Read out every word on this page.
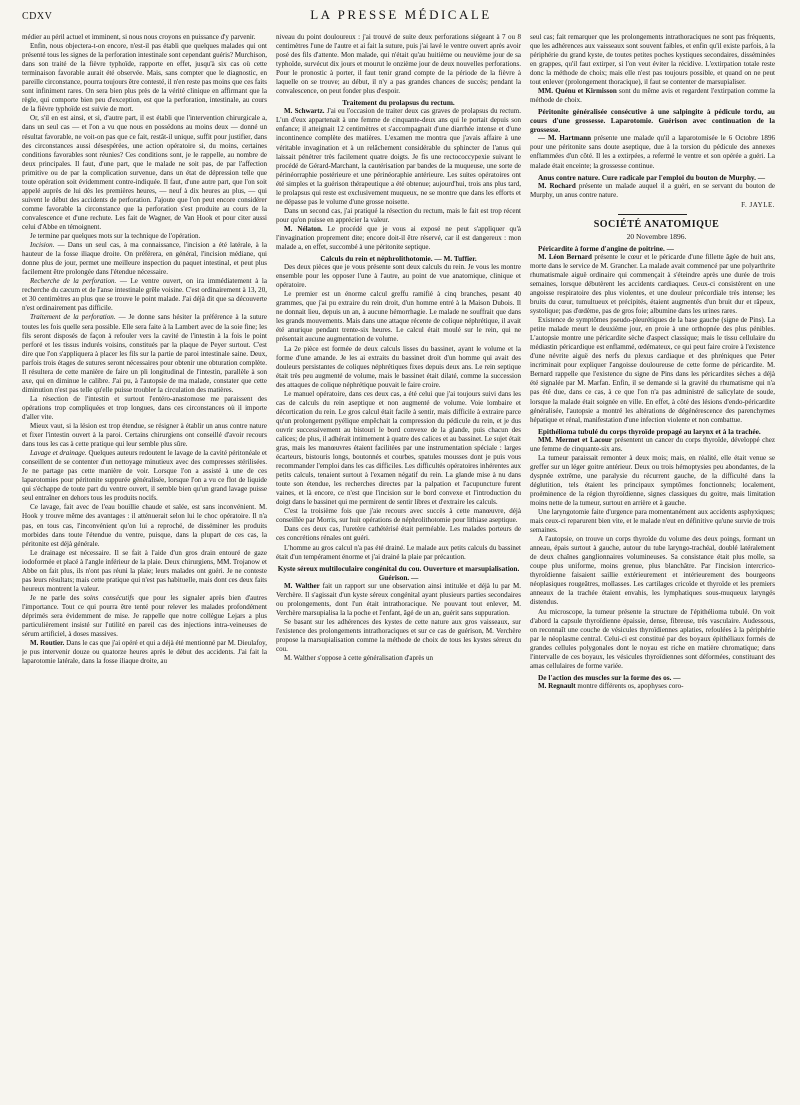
CDXV	LA PRESSE MÉDICALE

médier au péril actuel et imminent, si nous nous croyons en puissance d'y parvenir.

Enfin, nous objectera-t-on encore, n'est-il pas établi que quelques malades qui ont présenté tous les signes de la perforation intestinale sont cependant guéris? Murchison, dans son traité de la fièvre typhoïde, rapporte en effet, jusqu'à six cas où cette terminaison favorable aurait été observée. Mais, sans compter que le diagnostic, en pareille circonstance, pourra toujours être contesté, il n'en reste pas moins que ces faits sont infiniment rares. On sera bien plus près de la vérité clinique en affirmant que la règle, qui comporte bien peu d'exception, est que la perforation, intestinale, au cours de la fièvre typhoïde est suivie de mort.

Or, s'il en est ainsi, et si, d'autre part, il est établi que l'intervention chirurgicale a, dans un seul cas — et l'on a vu que nous en possédons au moins deux — donné un résultat favorable, ne voit-on pas que ce fait, restât-il unique, suffit pour justifier, dans des circonstances aussi désespérées, une action opératoire si, du moins, certaines conditions favorables sont réunies? Ces conditions sont, je le rappelle, au nombre de deux principales. Il faut, d'une part, que le malade ne soit pas, de par l'affection primitive ou de par la complication survenue, dans un état de dépression telle que toute opération soit évidemment contre-indiquée. Il faut, d'une autre part, que l'on soit appelé auprès de lui dès les premières heures, — neuf à dix heures au plus, — qui suivent le début des accidents de perforation. J'ajoute que l'on peut encore considérer comme favorable la circonstance que la perforation s'est produite au cours de la convalescence et d'une rechute. Les fait de Wagner, de Van Hook et pour citer aussi celui d'Abbe en témoignent.

Je termine par quelques mots sur la technique de l'opération.

Incision. — Dans un seul cas, à ma connaissance, l'incision a été latérale, à la hauteur de la fosse iliaque droite. On préférera, en général, l'incision médiane, qui donne plus de jour, permet une meilleure inspection du paquet intestinal, et peut plus facilement être prolongée dans l'étendue nécessaire.

Recherche de la perforation. — Le ventre ouvert, on ira immédiatement à la recherche du cæcum et de l'anse intestinale grêle voisine. C'est ordinairement à 13, 20, et 30 centimètres au plus que se trouve le point malade. J'ai déjà dit que sa découverte n'est ordinairement pas difficile.

Traitement de la perforation. — Je donne sans hésiter la préférence à la suture toutes les fois quelle sera possible. Elle sera faite à la Lambert avec de la soie fine; les fils seront disposés de façon à refouler vers la cavité de l'intestin à la fois le point perforé et les tissus indurés voisins, constitués par la plaque de Peyer surtout. C'est dire que l'on s'appliquera à placer les fils sur la partie de paroi intestinale saine. Deux, parfois trois étages de sutures seront nécessaires pour obtenir une obturation complète. Il résultera de cette manière de faire un pli longitudinal de l'intestin, parallèle à son axe, qui en diminue le calibre. J'ai pu, à l'autopsie de ma malade, constater que cette diminution n'est pas telle qu'elle puisse troubler la circulation des matières.

La résection de l'intestin et surtout l'entéro-anastomose me paraissent des opérations trop compliquées et trop longues, dans ces circonstances où il importe d'aller vite.

Mieux vaut, si la lésion est trop étendue, se résigner à établir un anus contre nature et fixer l'intestin ouvert à la paroi. Certains chirurgiens ont conseillé d'avoir recours dans tous les cas à cette pratique qui leur semble plus sûre.

Lavage et drainage. Quelques auteurs redoutent le lavage de la cavité péritonéale et conseillent de se contenter d'un nettoyage minutieux avec des compresses stérilisées. Je ne partage pas cette manière de voir. Lorsque l'on a assisté à une de ces laparotomies pour péritonite suppurée généralisée, lorsque l'on a vu ce flot de liquide qui s'échappe de toute part du ventre ouvert, il semble bien qu'un grand lavage puisse seul entraîner en dehors tous les produits nocifs.

Ce lavage, fait avec de l'eau bouillie chaude et salée, est sans inconvénient. M. Hook y trouve même des avantages : il atténuerait selon lui le choc opératoire. Il n'a pas, en tous cas, l'inconvénient qu'on lui a reproché, de disséminer les produits morbides dans toute l'étendue du ventre, puisque, dans la plupart de ces cas, la péritonite est déjà générale.

Le drainage est nécessaire. Il se fait à l'aide d'un gros drain entouré de gaze iodoformée et placé à l'angle inférieur de la plaie. Deux chirurgiens, MM. Trojanow et Abbe on fait plus, ils n'ont pas réuni la plaie; leurs malades ont guéri. Je ne conteste pas leurs résultats; mais cette pratique qui n'est pas habituelle, mais dont ces deux faits heureux montrent la valeur.

Je ne parle des soins consécutifs que pour les signaler après bien d'autres l'importance. Tout ce qui pourra être tenté pour relever les malades profondément déprimés sera évidemment de mise. Je rappelle que notre collègue Lejars a plus particulièrement insisté sur l'utilité en pareil cas des injections intra-veineuses de sérum artificiel, à doses massives.

M. Routier. Dans le cas que j'ai opéré et qui a déjà été mentionné par M. Dieulafoy, je pus intervenir douze ou quatorze heures après le début des accidents. J'ai fait la laparotomie latérale, dans la fosse iliaque droite, au

niveau du point douloureux : j'ai trouvé de suite deux perforations siégeant à 7 ou 8 centimètres l'une de l'autre et ai fait la suture, puis j'ai lavé le ventre ouvert après avoir posé des fils d'attente. Mon malade, qui n'était qu'au huitième ou neuvième jour de sa typhoïde, survécut dix jours et mourut le onzième jour de deux nouvelles perforations. Pour le pronostic à porter, il faut tenir grand compte de la période de la fièvre à laquelle on se trouve; au début, il n'y a pas grandes chances de succès; pendant la convalescence, on peut fonder plus d'espoir.

Traitement du prolapsus du rectum.

M. Schwartz. J'ai eu l'occasion de traiter deux cas graves de prolapsus du rectum. L'un d'eux appartenait à une femme de cinquante-deux ans qui le portait depuis son enfance; il atteignait 12 centimètres et s'accompagnait d'une diarrhée intense et d'une incontinence complète des matières. L'examen me montra que j'avais affaire à une véritable invagination et à un relâchement considérable du sphincter de l'anus qui laissait pénétrer très facilement quatre doigts. Je fis une rectococcypexie suivant le procédé de Gérard-Marchant, la cautérisation par bandes de la muqueuse, une sorte de périnéorraphie postérieure et une périnéoraphie antérieure. Les suites opératoires ont été simples et la guérison thérapeutique a été obtenue; aujourd'hui, trois ans plus tard, le prolapsus qui reste est exclusivement muqueux, ne se montre que dans les efforts et ne dépasse pas le volume d'une grosse noisette.

Dans un second cas, j'ai pratiqué la résection du rectum, mais le fait est trop récent pour qu'on puisse en apprécier la valeur.

M. Nélaton. Le procédé que je vous ai exposé ne peut s'appliquer qu'à l'invagination proprement dite; encore doit-il être réservé, car il est dangereux : mon malade a, en effet, succombé à une péritonite septique.

Calculs du rein et néphrolithotomie. — M. Tuffier.

Des deux pièces que je vous présente sont deux calculs du rein. Je vous les montre ensemble pour les opposer l'une à l'autre, au point de vue anatomique, clinique et opératoire.

Le premier est un énorme calcul greffu ramifié à cinq branches, pesant 40 grammes, que j'ai pu extraire du rein droit, d'un homme entré à la Maison Dubois. Il ne donnait lieu, depuis un an, à aucune hémorrhagie. Le malade ne souffrait que dans les grands mouvements. Mais dans une attaque récente de colique néphrétique, il avait été anurique pendant trente-six heures. Le calcul était moulé sur le rein, qui ne présentait aucune augmentation de volume.

La 2e pièce est formée de deux calculs lisses du bassinet, ayant le volume et la forme d'une amande. Je les ai extraits du bassinet droit d'un homme qui avait des douleurs persistantes de coliques néphrétiques fixes depuis deux ans. Le rein septique était très peu augmenté de volume, mais le bassinet était dilaté, comme la succession des attaques de colique néphrétique pouvait le faire croire.

Le manuel opératoire, dans ces deux cas, a été celui que j'ai toujours suivi dans les cas de calculs du rein aseptique et non augmenté de volume. Voie lombaire et décortication du rein. Le gros calcul était facile à sentir, mais difficile à extraire parce qu'un prolongement pyélique empêchait la compression du pédicule du rein, et je dus ouvrir successivement au bistouri le bord convexe de la glande, puis chacun des calices; de plus, il adhérait intimement à quatre des calices et au bassinet. Le sujet était gras, mais les manœuvres étaient facilitées par une instrumentation spéciale : larges écarteurs, bistouris longs, boutonnés et courbes, spatules mousses dont je puis vous recommander l'emploi dans les cas difficiles. Les difficultés opératoires inhérentes aux petits calculs, tenaient surtout à l'examen négatif du rein. La glande mise à nu dans toute son étendue, les recherches directes par la palpation et l'acupuncture furent vaines, et là encore, ce n'est que l'incision sur le bord convexe et l'introduction du doigt dans le bassinet qui me permirent de sentir libres et d'extraire les calculs.

C'est la troisième fois que j'aie recours avec succès à cette manœuvre, déjà conseillée par Morris, sur huit opérations de néphrolithotomie pour lithiase aseptique.

Dans ces deux cas, l'uretère cathétérisé était perméable. Les malades porteurs de ces concrétions rénales ont guéri.

L'homme au gros calcul n'a pas été drainé. Le malade aux petits calculs du bassinet était d'un tempérament énorme et j'ai drainé la plaie par précaution.

Kyste séreux multiloculaire congénital du cou. Ouverture et marsupialisation. Guérison. —

M. Walther fait un rapport sur une observation ainsi intitulée et déjà lu par M. Verchère. Il s'agissait d'un kyste séreux congénital ayant plusieurs parties secondaires ou prolongements, dont l'un était intrathoracique. Ne pouvant tout enlever, M. Verchère marsupialisa la la poche et l'enfant, âgé de un an, guérit sans suppuration.

Se basant sur les adhérences des kystes de cette nature aux gros vaisseaux, sur l'existence des prolongements intrathoraciques et sur ce cas de guérison, M. Verchère propose la marsupialisation comme la méthode de choix de tous les kystes séreux du cou.

M. Walther s'oppose à cette généralisation d'après un

seul cas; fait remarquer que les prolongements intrathoraciques ne sont pas fréquents, que les adhérences aux vaisseaux sont souvent faibles, et enfin qu'il existe parfois, à la périphérie du grand kyste, de toutes petites poches kystiques secondaires, disséminées en grappes, qu'il faut extirper, si l'on veut éviter la récidive. L'extirpation totale reste donc la méthode de choix; mais elle n'est pas toujours possible, et quand on ne peut tout enlever (prolongement thoracique), il faut se contenter de marsupialiser.

MM. Quénu et Kirmisson sont du même avis et regardent l'extirpation comme la méthode de choix.

Péritonite généralisée consécutive à une salpingite à pédicule tordu, au cours d'une grossesse. Laparotomie. Guérison avec continuation de la grossesse.

— M. Hartmann présente une malade qu'il a laparotomisée le 6 Octobre 1896 pour une péritonite sans doute aseptique, due à la torsion du pédicule des annexes enflammées d'un côté. Il les a extirpées, a refermé le ventre et son opérée a guéri. La malade était enceinte; la grossesse continue.

Anus contre nature. Cure radicale par l'emploi du bouton de Murphy. —

M. Rochard présente un malade auquel il a guéri, en se servant du bouton de Murphy, un anus contre nature.

F. JAYLE.

SOCIÉTÉ ANATOMIQUE

20 Novembre 1896.

Péricardite à forme d'angine de poitrine. —

M. Léon Bernard présente le cœur et le péricarde d'une fillette âgée de huit ans, morte dans le service de M. Grancher. La malade avait commencé par une polyarthrite rhumatismale aiguë ordinaire qui commençait à s'éteindre après une durée de trois semaines, lorsque débutèrent les accidents cardiaques. Ceux-ci consistèrent en une angoisse respiratoire des plus violentes, et une douleur précordiale très intense; les bruits du cœur, tumultueux et précipités, étaient augmentés d'un bruit dur et râpeux, systolique; pas d'œdème, pas de gros foie; albumine dans les urines rares.

Existence de symptômes pseudo-pleurétiques de la base gauche (signe de Pins). La petite malade meurt le deuxième jour, en proie à une orthopnée des plus pénibles. L'autopsie montre une péricardite sèche d'aspect classique; mais le tissu cellulaire du médiastin péricardique est enflammé, œdémateux, ce qui peut faire croire à l'existence d'une névrite aiguë des nerfs du plexus cardiaque et des phréniques que Peter incriminait pour expliquer l'angoisse douloureuse de cette forme de péricardite. M. Bernard rappelle que l'existence du signe de Pins dans les péricardites sèches a déjà été signalée par M. Marfan. Enfin, il se demande si la gravité du rhumatisme qui n'a pas été due, dans ce cas, à ce que l'on n'a pas administré de salicylate de soude, lorsque la malade était soignée en ville. En effet, à côté des lésions d'endo-péricardite généralisée, l'autopsie a montré les altérations de dégénérescence des parenchymes hépatique et rénal, manifestation d'une infection violente et non combattue.

Epithélioma tubulé du corps thyroïde propagé au larynx et à la trachée.

MM. Mermet et Lacour présentent un cancer du corps thyroïde, développé chez une femme de cinquante-six ans.

La tumeur paraissait remonter à deux mois; mais, en réalité, elle était venue se greffer sur un léger goitre antérieur. Deux ou trois hémoptysies peu abondantes, de la dyspnée extrême, une paralysie du récurrent gauche, de la difficulté dans la déglutition, tels étaient les principaux symptômes fonctionnels; localement, proéminence de la région thyroïdienne, signes classiques du goitre, mais limitation moins nette de la tumeur, surtout en arrière et à gauche.

Une laryngotomie faite d'urgence para momentanément aux accidents asphyxiques; mais ceux-ci reparurent bien vite, et le malade n'eut en définitive qu'une survie de trois semaines.

A l'autopsie, on trouve un corps thyroïde du volume des deux poings, formant un anneau, épais surtout à gauche, autour du tube laryngo-trachéal, doublé latéralement de deux chaînes ganglionnaires volumineuses. Sa consistance était plus molle, sa coupe plus uniforme, moins grenue, plus blanchâtre. Par l'incision intercrico-thyroïdienne faisaient saillie extérieurement et intérieurement des bourgeons néoplasiques rougeâtres, mollasses. Les cartilages cricoïde et thyroïde et les premiers anneaux de la trachée étaient envahis, les lymphatiques sous-muqueux laryngés distendus.

Au microscope, la tumeur présente la structure de l'épithélioma tubulé. On voit d'abord la capsule thyroïdienne épaissie, dense, fibreuse, très vasculaire. Audessous, on reconnaît une couche de vésicules thyroïdiennes aplaties, refoulées à la périphérie par le néoplasme central. Celui-ci est constitué par des boyaux épithéliaux formés de grandes cellules polygonales dont le noyau est riche en matière chromatique; dans l'intervalle de ces boyaux, les vésicules thyroïdiennes sont déformées, constituant des amas cellulaires de forme variée.

De l'action des muscles sur la forme des os. —

M. Regnault montre différents os, apophyses coro-
